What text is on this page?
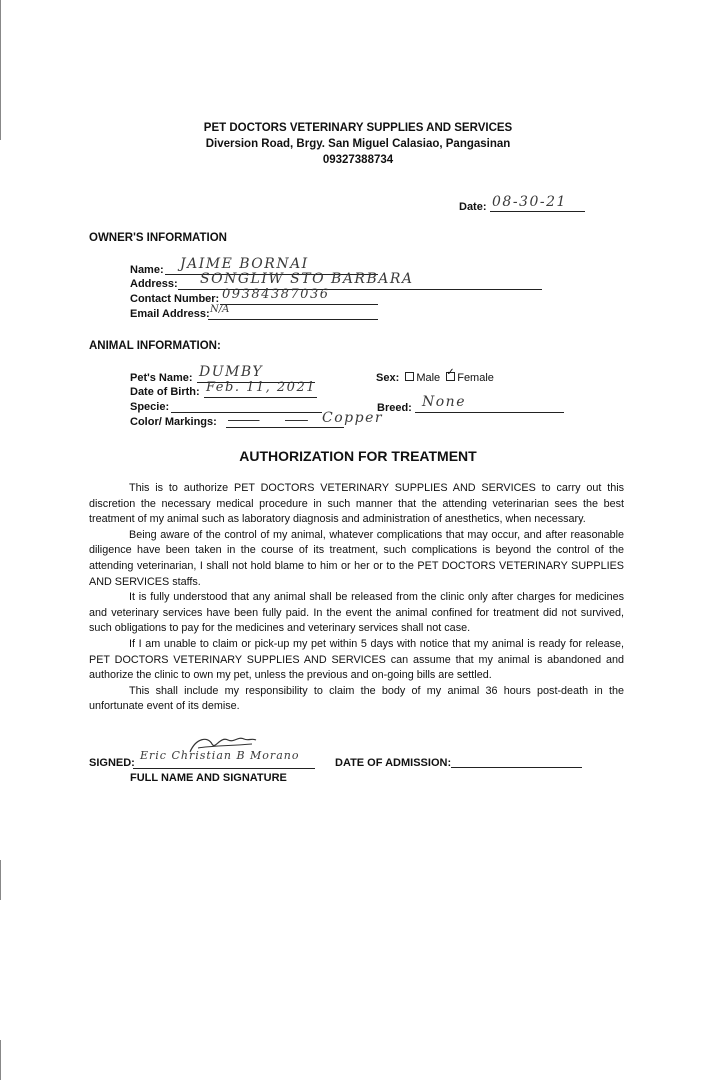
PET DOCTORS VETERINARY SUPPLIES AND SERVICES
Diversion Road, Brgy. San Miguel Calasiao, Pangasinan
09327388734
Date: 08-30-21
OWNER'S INFORMATION
Name: JAIME BORNAI
Address: SONGLIW STO BARBARA
Contact Number: 09384387036
Email Address: N/A
ANIMAL INFORMATION:
Pet's Name: DUMBY	Sex: Male ✓ Female
Date of Birth: Feb. 11, 2021
Specie:	Breed: None
Color/ Markings:

	Copper
AUTHORIZATION FOR TREATMENT

This is to authorize PET DOCTORS VETERINARY SUPPLIES AND SERVICES to carry out this discretion the necessary medical procedure in such manner that the attending veterinarian sees the best treatment of my animal such as laboratory diagnosis and administration of anesthetics, when necessary.

Being aware of the control of my animal, whatever complications that may occur, and after reasonable diligence have been taken in the course of its treatment, such complications is beyond the control of the attending veterinarian, I shall not hold blame to him or her or to the PET DOCTORS VETERINARY SUPPLIES AND SERVICES staffs.

It is fully understood that any animal shall be released from the clinic only after charges for medicines and veterinary services have been fully paid. In the event the animal confined for treatment did not survived, such obligations to pay for the medicines and veterinary services shall not case.

If I am unable to claim or pick-up my pet within 5 days with notice that my animal is ready for release, PET DOCTORS VETERINARY SUPPLIES AND SERVICES can assume that my animal is abandoned and authorize the clinic to own my pet, unless the previous and on-going bills are settled.

This shall include my responsibility to claim the body of my animal 36 hours post-death in the unfortunate event of its demise.

SIGNED:
Eric Christian B Morano
DATE OF ADMISSION:
FULL NAME AND SIGNATURE
